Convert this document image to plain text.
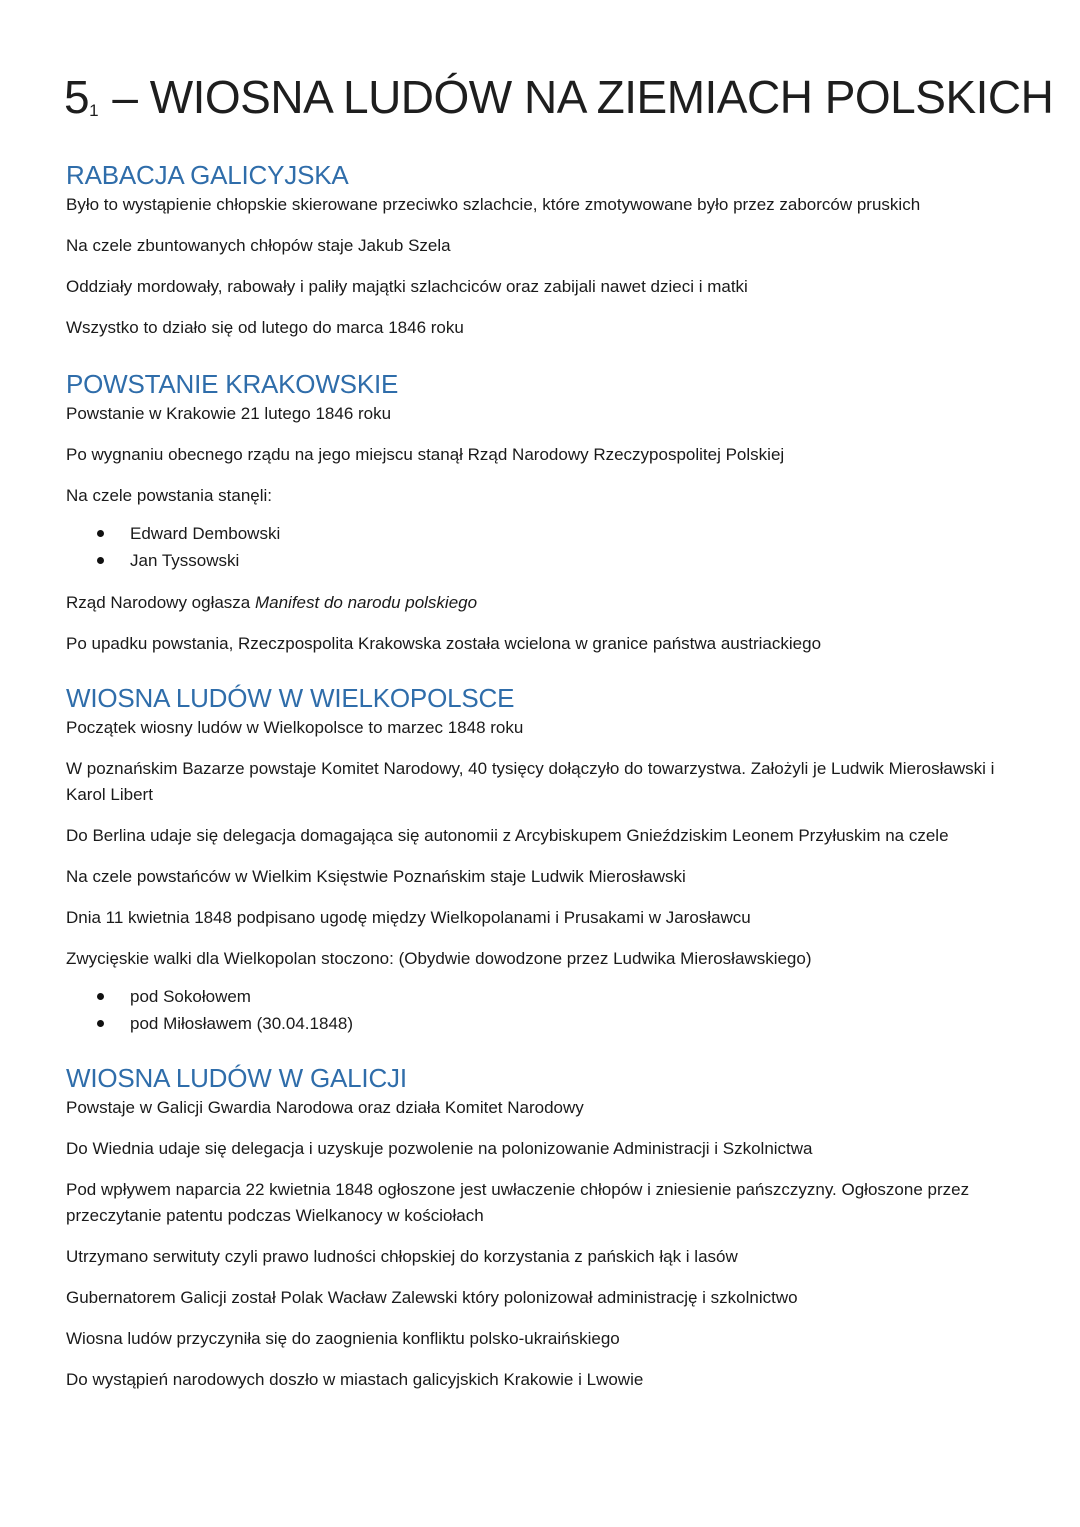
51 – WIOSNA LUDÓW NA ZIEMIACH POLSKICH
RABACJA GALICYJSKA

Było to wystąpienie chłopskie skierowane przeciwko szlachcie, które zmotywowane było przez zaborców pruskich

Na czele zbuntowanych chłopów staje Jakub Szela

Oddziały mordowały, rabowały i paliły majątki szlachciców oraz zabijali nawet dzieci i matki

Wszystko to działo się od lutego do marca 1846 roku

POWSTANIE KRAKOWSKIE

Powstanie w Krakowie 21 lutego 1846 roku

Po wygnaniu obecnego rządu na jego miejscu stanął Rząd Narodowy Rzeczypospolitej Polskiej

Na czele powstania stanęli:

Edward Dembowski
Jan Tyssowski

Rząd Narodowy ogłasza Manifest do narodu polskiego

Po upadku powstania, Rzeczpospolita Krakowska została wcielona w granice państwa austriackiego

WIOSNA LUDÓW W WIELKOPOLSCE

Początek wiosny ludów w Wielkopolsce to marzec 1848 roku

W poznańskim Bazarze powstaje Komitet Narodowy, 40 tysięcy dołączyło do towarzystwa. Założyli je Ludwik Mierosławski i Karol Libert

Do Berlina udaje się delegacja domagająca się autonomii z Arcybiskupem Gnieździskim Leonem Przyłuskim na czele

Na czele powstańców w Wielkim Księstwie Poznańskim staje Ludwik Mierosławski

Dnia 11 kwietnia 1848 podpisano ugodę między Wielkopolanami i Prusakami w Jarosławcu

Zwycięskie walki dla Wielkopolan stoczono: (Obydwie dowodzone przez Ludwika Mierosławskiego)

pod Sokołowem
pod Miłosławem (30.04.1848)
WIOSNA LUDÓW W GALICJI

Powstaje w Galicji Gwardia Narodowa oraz działa Komitet Narodowy

Do Wiednia udaje się delegacja i uzyskuje pozwolenie na polonizowanie Administracji i Szkolnictwa

Pod wpływem naparcia 22 kwietnia 1848 ogłoszone jest uwłaczenie chłopów i zniesienie pańszczyzny. Ogłoszone przez przeczytanie patentu podczas Wielkanocy w kościołach

Utrzymano serwituty czyli prawo ludności chłopskiej do korzystania z pańskich łąk i lasów

Gubernatorem Galicji został Polak Wacław Zalewski który polonizował administrację i szkolnictwo

Wiosna ludów przyczyniła się do zaognienia konfliktu polsko-ukraińskiego

Do wystąpień narodowych doszło w miastach galicyjskich Krakowie i Lwowie
